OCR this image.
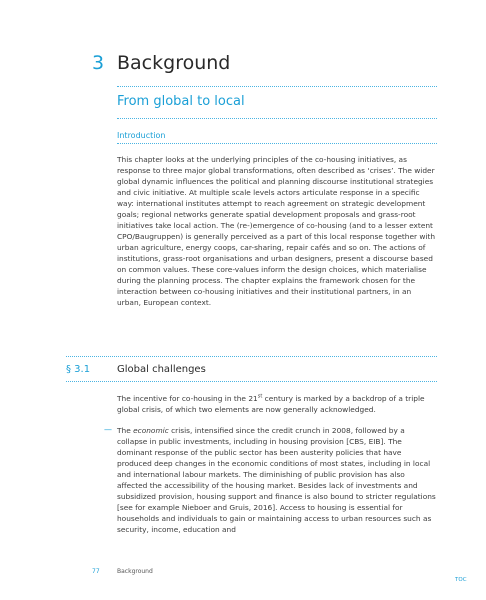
3 Background
From global to local
Introduction
This chapter looks at the underlying principles of the co-housing initiatives, as response to three major global transformations, often described as ‘crises’. The wider global dynamic influences the political and planning discourse institutional strategies and civic initiative. At multiple scale levels actors articulate response in a specific way: international institutes attempt to reach agreement on strategic development goals; regional networks generate spatial development proposals and grass-root initiatives take local action. The (re-)emergence of co-housing (and to a lesser extent CPO/Baugruppen) is generally perceived as a part of this local response together with urban agriculture, energy coops, car-sharing, repair cafés and so on. The actions of institutions, grass-root organisations and urban designers, present a discourse based on common values. These core-values inform the design choices, which materialise during the planning process. The chapter explains the framework chosen for the interaction between co-housing initiatives and their institutional partners, in an urban, European context.
§ 3.1	Global challenges
The incentive for co-housing in the 21st century is marked by a backdrop of a triple global crisis, of which two elements are now generally acknowledged.
— The economic crisis, intensified since the credit crunch in 2008, followed by a collapse in public investments, including in housing provision [CBS, EIB]. The dominant response of the public sector has been austerity policies that have produced deep changes in the economic conditions of most states, including in local and international labour markets. The diminishing of public provision has also affected the accessibility of the housing market. Besides lack of investments and subsidized provision, housing support and finance is also bound to stricter regulations [see for example Nieboer and Gruis, 2016]. Access to housing is essential for households and individuals to gain or maintaining access to urban resources such as security, income, education and
77	Background
TOC
